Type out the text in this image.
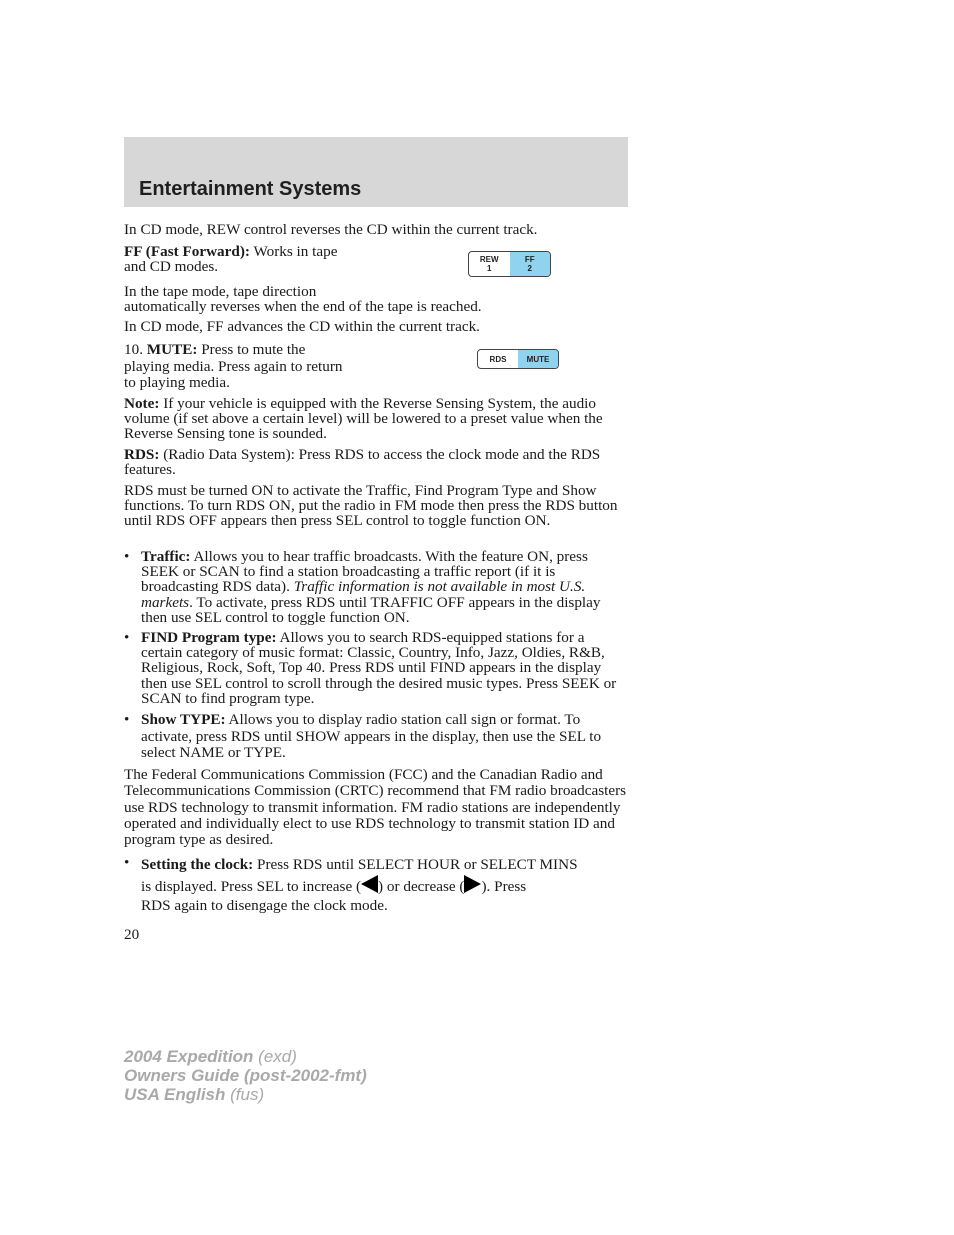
Entertainment Systems

In CD mode, REW control reverses the CD within the current track.

FF (Fast Forward): Works in tape
and CD modes.	REW
1
FF
2

In the tape mode, tape direction
automatically reverses when the end of the tape is reached.

In CD mode, FF advances the CD within the current track.

10. MUTE: Press to mute the
playing media. Press again to return
to playing media.

RDS	MUTE

Note: If your vehicle is equipped with the Reverse Sensing System, the audio volume (if set above a certain level) will be lowered to a preset value when the Reverse Sensing tone is sounded.

RDS: (Radio Data System): Press RDS to access the clock mode and the RDS features.

RDS must be turned ON to activate the Traffic, Find Program Type and Show functions. To turn RDS ON, put the radio in FM mode then press the RDS button until RDS OFF appears then press SEL control to toggle function ON.

• Traffic: Allows you to hear traffic broadcasts. With the feature ON, press SEEK or SCAN to find a station broadcasting a traffic report (if it is broadcasting RDS data). Traffic information is not available in most U.S. markets. To activate, press RDS until TRAFFIC OFF appears in the display then use SEL control to toggle function ON.

• FIND Program type: Allows you to search RDS-equipped stations for a certain category of music format: Classic, Country, Info, Jazz, Oldies, R&B, Religious, Rock, Soft, Top 40. Press RDS until FIND appears in the display then use SEL control to scroll through the desired music types. Press SEEK or SCAN to find program type.

• Show TYPE: Allows you to display radio station call sign or format. To activate, press RDS until SHOW appears in the display, then use the SEL to select NAME or TYPE.

The Federal Communications Commission (FCC) and the Canadian Radio and Telecommunications Commission (CRTC) recommend that FM radio broadcasters use RDS technology to transmit information. FM radio stations are independently operated and individually elect to use RDS technology to transmit station ID and program type as desired.

• Setting the clock: Press RDS until SELECT HOUR or SELECT MINS
is displayed. Press SEL to increase ( ) or decrease ( ). Press
RDS again to disengage the clock mode.

20
2004 Expedition (exd)
Owners Guide (post-2002-fmt)
USA English (fus)
